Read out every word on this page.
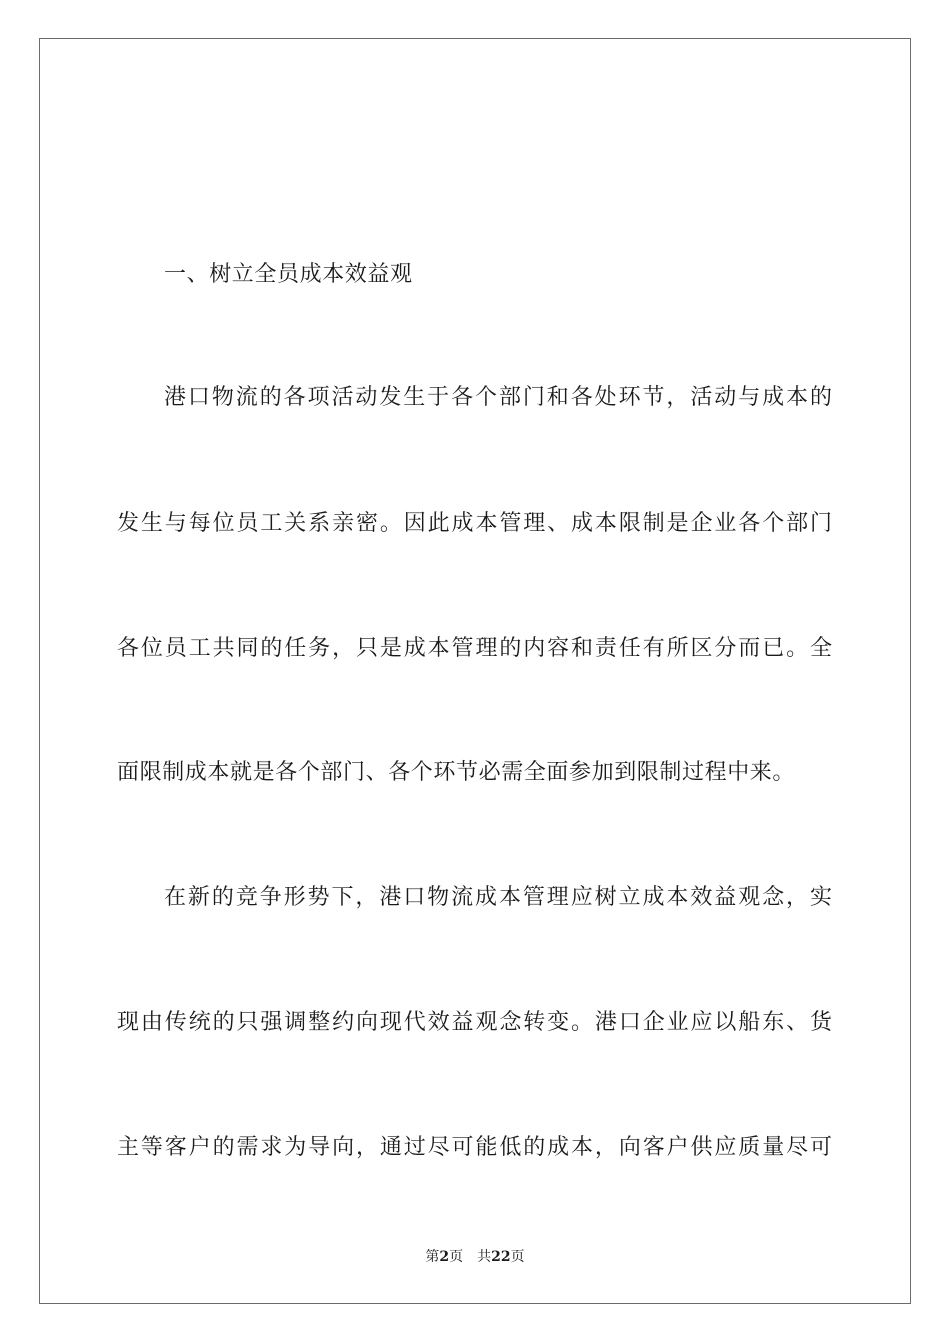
一、树立全员成本效益观
港口物流的各项活动发生于各个部门和各处环节，活动与成本的
发生与每位员工关系亲密。因此成本管理、成本限制是企业各个部门
各位员工共同的任务，只是成本管理的内容和责任有所区分而已。全
面限制成本就是各个部门、各个环节必需全面参加到限制过程中来。
在新的竞争形势下，港口物流成本管理应树立成本效益观念，实
现由传统的只强调整约向现代效益观念转变。港口企业应以船东、货
主等客户的需求为导向，通过尽可能低的成本，向客户供应质量尽可
第2页 共22页
